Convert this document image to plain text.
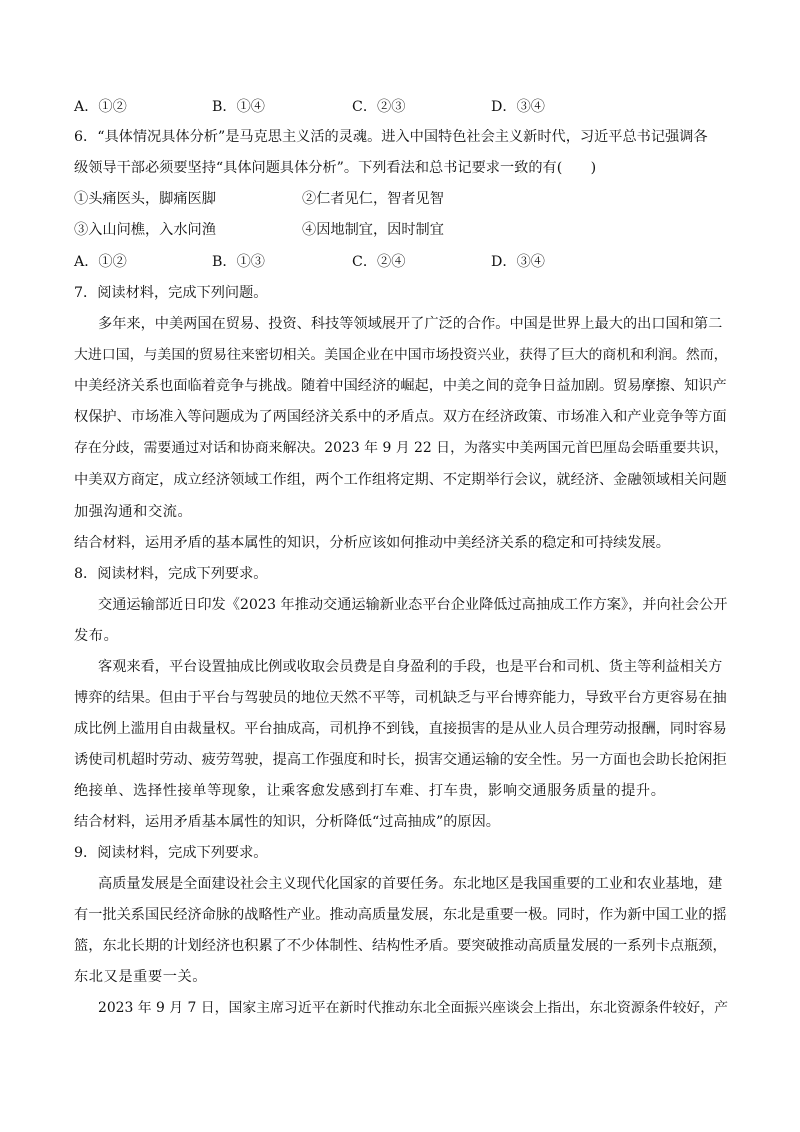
A．①②	B．①④	C．②③	D．③④
6．“具体情况具体分析”是马克思主义活的灵魂。进入中国特色社会主义新时代，习近平总书记强调各
级领导干部必须要坚持“具体问题具体分析”。下列看法和总书记要求一致的有(　　)
①头痛医头，脚痛医脚	②仁者见仁，智者见智
③入山问樵，入水问渔	④因地制宜，因时制宜
A．①②	B．①③	C．②④	D．③④
7．阅读材料，完成下列问题。
多年来，中美两国在贸易、投资、科技等领域展开了广泛的合作。中国是世界上最大的出口国和第二
大进口国，与美国的贸易往来密切相关。美国企业在中国市场投资兴业，获得了巨大的商机和利润。然而，
中美经济关系也面临着竞争与挑战。随着中国经济的崛起，中美之间的竞争日益加剧。贸易摩擦、知识产
权保护、市场准入等问题成为了两国经济关系中的矛盾点。双方在经济政策、市场准入和产业竞争等方面
存在分歧，需要通过对话和协商来解决。2023 年 9 月 22 日，为落实中美两国元首巴厘岛会晤重要共识，
中美双方商定，成立经济领域工作组，两个工作组将定期、不定期举行会议，就经济、金融领域相关问题
加强沟通和交流。
结合材料，运用矛盾的基本属性的知识，分析应该如何推动中美经济关系的稳定和可持续发展。
8．阅读材料，完成下列要求。
交通运输部近日印发《2023 年推动交通运输新业态平台企业降低过高抽成工作方案》，并向社会公开
发布。
客观来看，平台设置抽成比例或收取会员费是自身盈利的手段，也是平台和司机、货主等利益相关方
博弈的结果。但由于平台与驾驶员的地位天然不平等，司机缺乏与平台博弈能力，导致平台方更容易在抽
成比例上滥用自由裁量权。平台抽成高，司机挣不到钱，直接损害的是从业人员合理劳动报酬，同时容易
诱使司机超时劳动、疲劳驾驶，提高工作强度和时长，损害交通运输的安全性。另一方面也会助长抢闲拒
绝接单、选择性接单等现象，让乘客愈发感到打车难、打车贵，影响交通服务质量的提升。
结合材料，运用矛盾基本属性的知识，分析降低“过高抽成”的原因。
9．阅读材料，完成下列要求。
高质量发展是全面建设社会主义现代化国家的首要任务。东北地区是我国重要的工业和农业基地，建
有一批关系国民经济命脉的战略性产业。推动高质量发展，东北是重要一极。同时，作为新中国工业的摇
篮，东北长期的计划经济也积累了不少体制性、结构性矛盾。要突破推动高质量发展的一系列卡点瓶颈，
东北又是重要一关。
2023 年 9 月 7 日，国家主席习近平在新时代推动东北全面振兴座谈会上指出，东北资源条件较好，产
